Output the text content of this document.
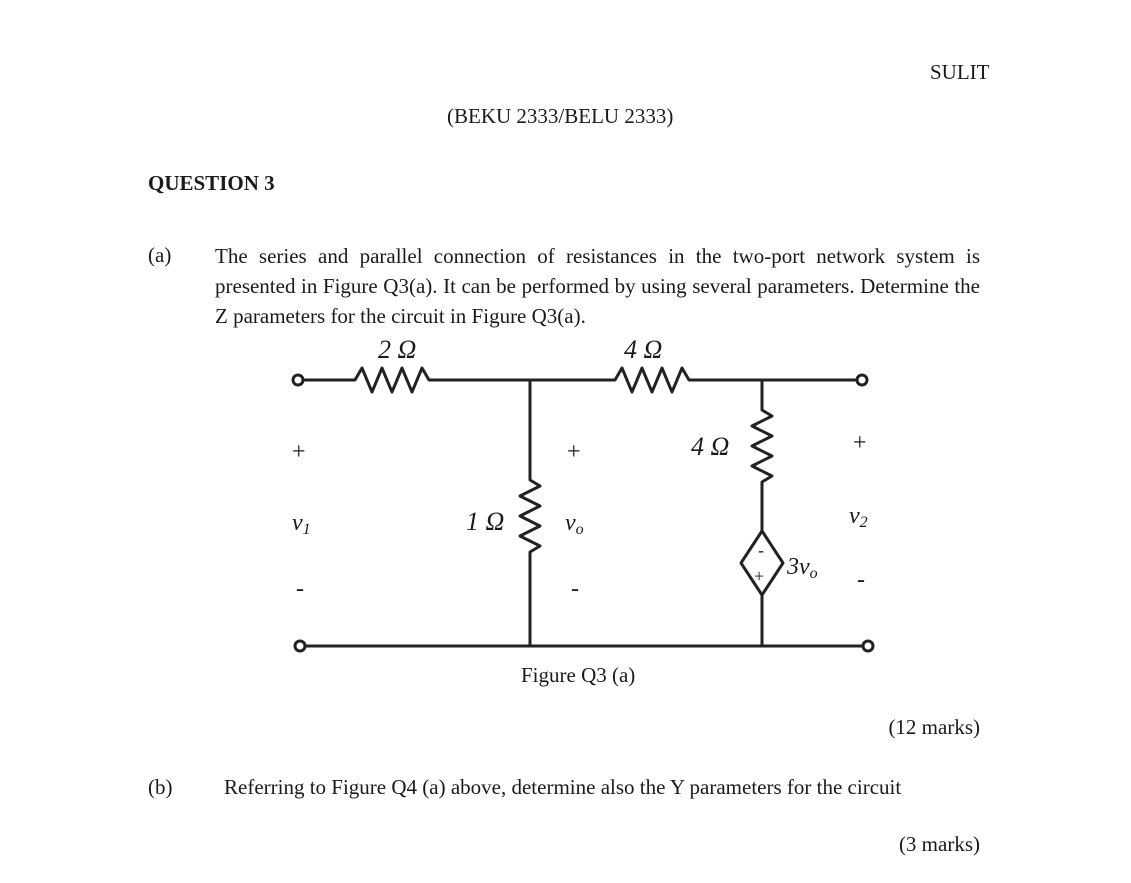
SULIT
(BEKU 2333/BELU 2333)
QUESTION 3
(a) The series and parallel connection of resistances in the two-port network system is presented in Figure Q3(a). It can be performed by using several parameters. Determine the Z parameters for the circuit in Figure Q3(a).
2 Ω	4 Ω
1 Ω
4 Ω
+
v1
-
+
vo
-
+
v2
-
-
+ 3vo
Figure Q3 (a)
(12 marks)
(b) Referring to Figure Q4 (a) above, determine also the Y parameters for the circuit
(3 marks)
